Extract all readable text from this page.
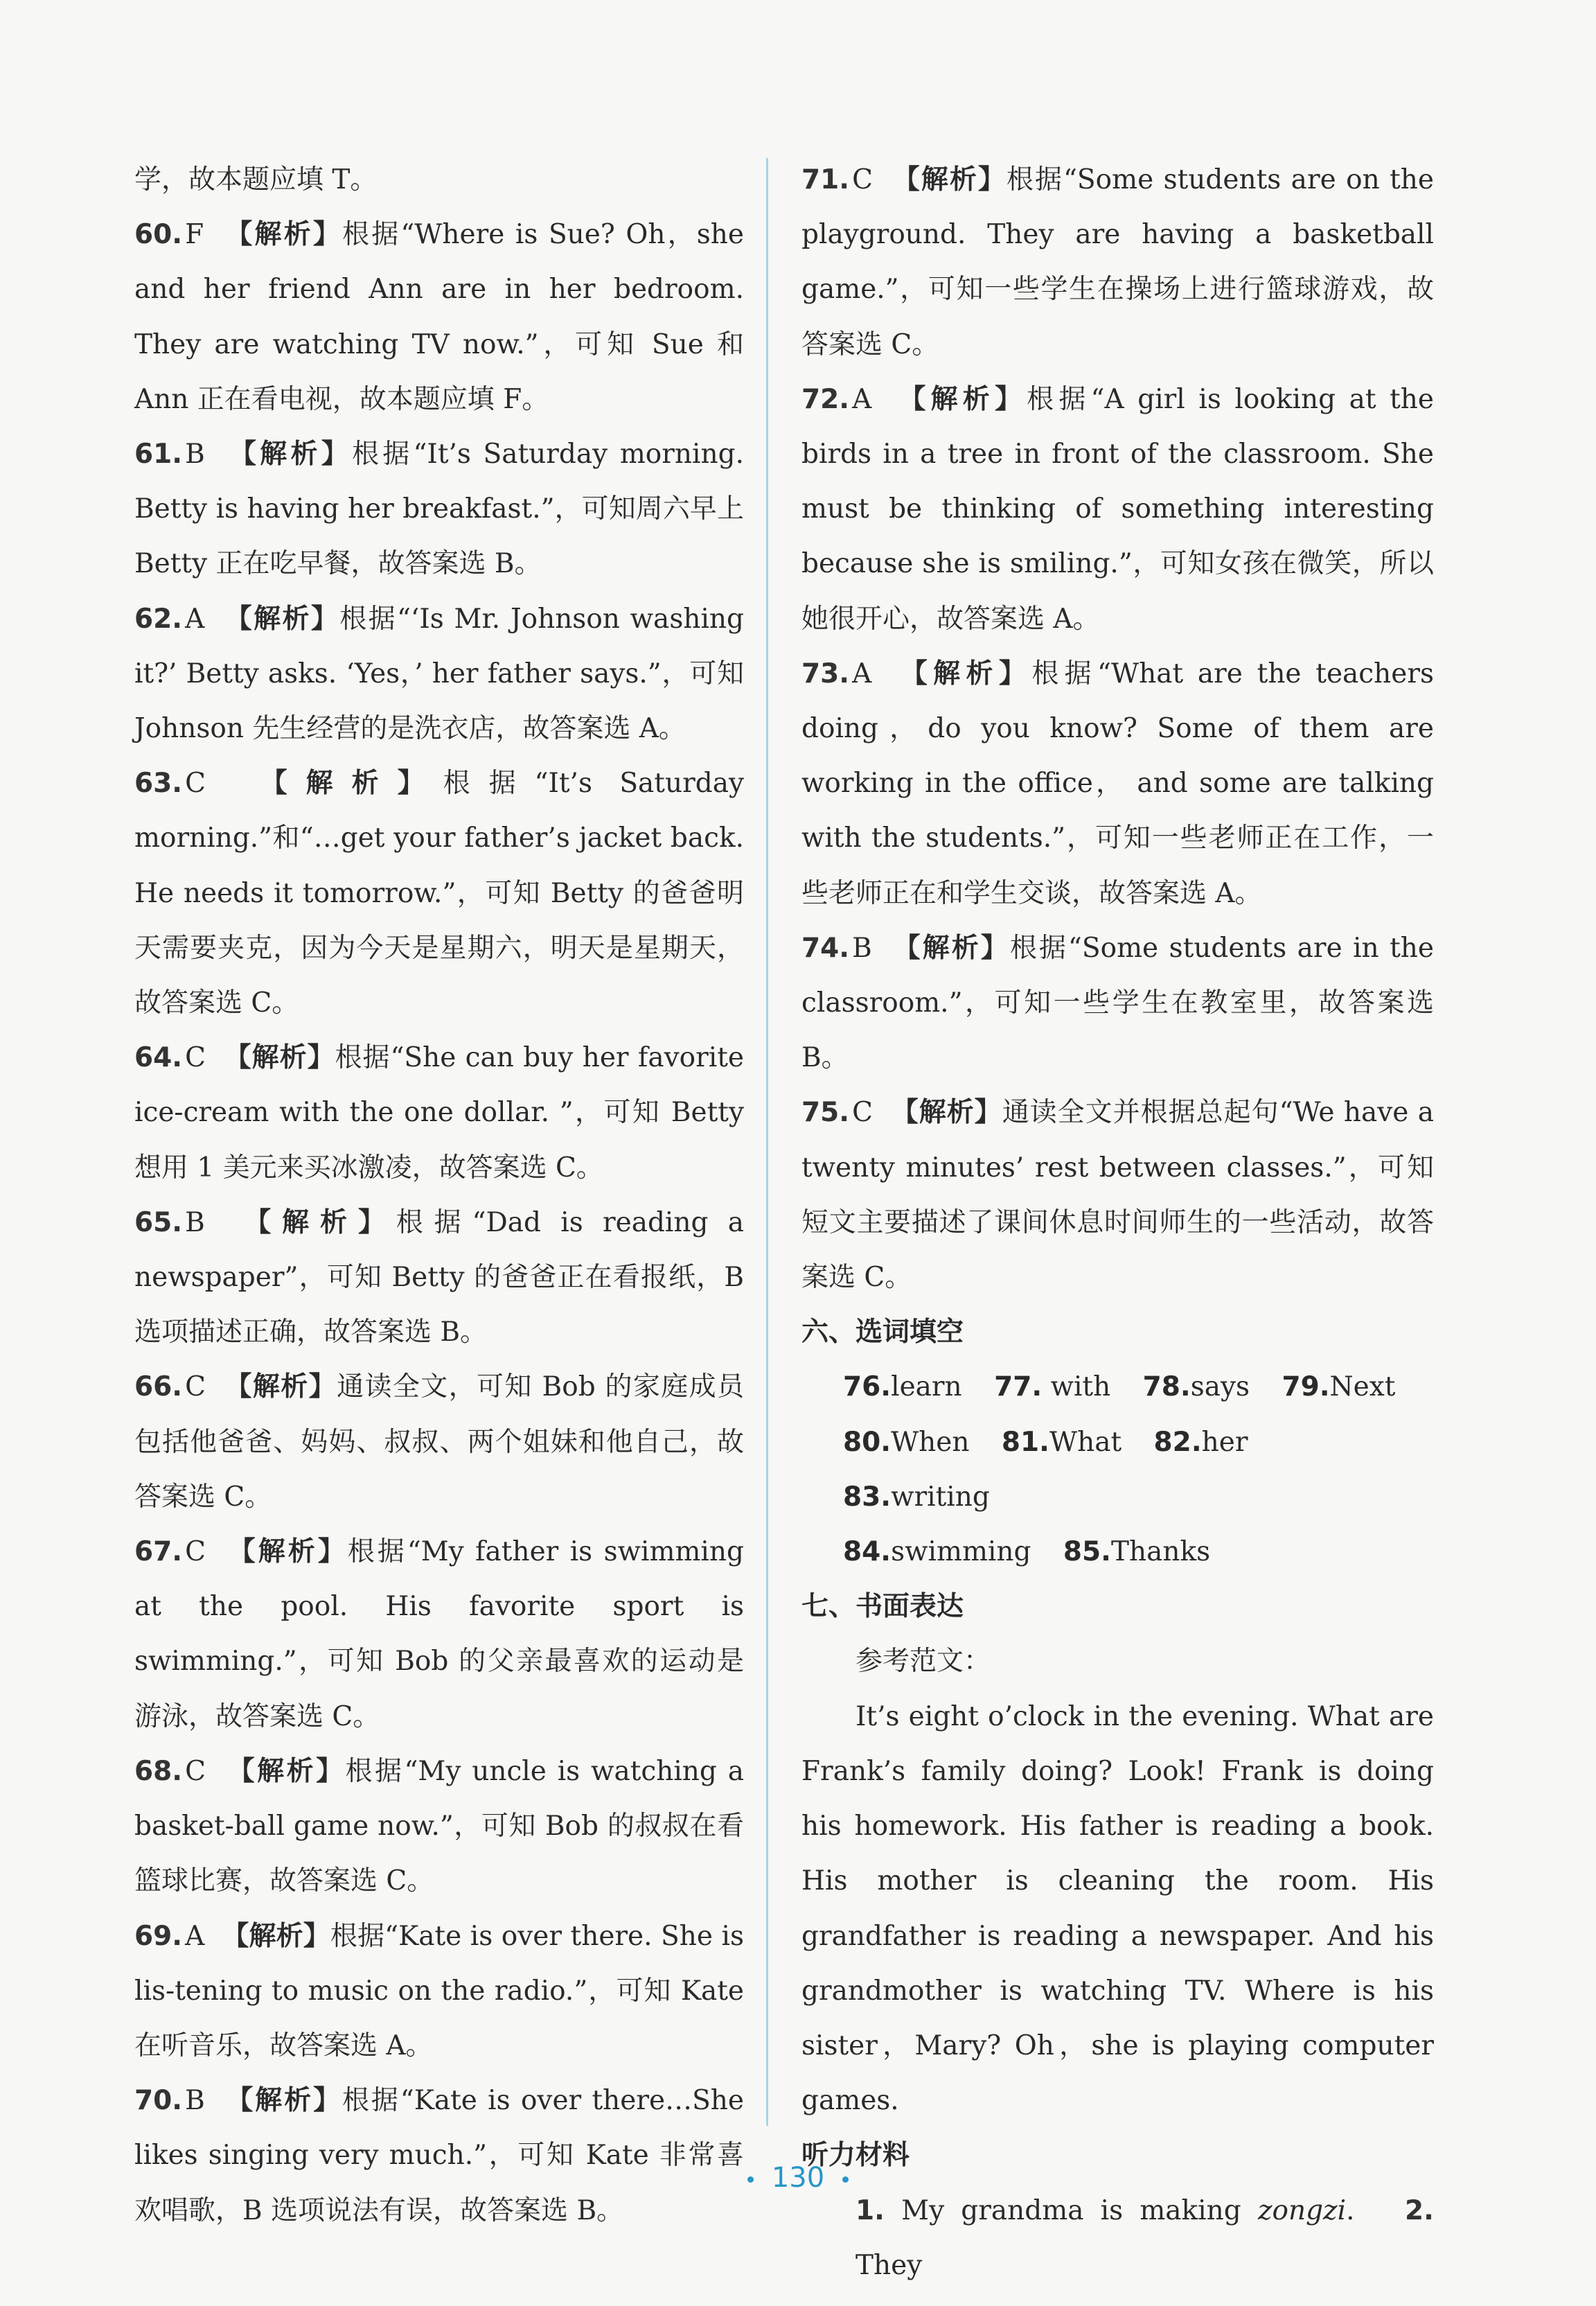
学，故本题应填 T。

60. F 【解析】根据“Where is Sue? Oh，she and her friend Ann are in her bedroom. They are watching TV now.”，可知 Sue 和 Ann 正在看电视，故本题应填 F。

61. B 【解析】根据“It’s Saturday morning. Betty is having her breakfast.”，可知周六早上 Betty 正在吃早餐，故答案选 B。

62. A 【解析】根据“‘Is Mr. Johnson washing it?’ Betty asks. ‘Yes，’ her father says.”，可知 Johnson 先生经营的是洗衣店，故答案选 A。

63. C 【解析】根据“It’s Saturday morning.”和“…get your father’s jacket back. He needs it tomorrow.”，可知 Betty 的爸爸明天需要夹克，因为今天是星期六，明天是星期天，故答案选 C。

64. C 【解析】根据“She can buy her favorite ice-cream with the one dollar. ”，可知 Betty 想用 1 美元来买冰激凌，故答案选 C。

65. B 【解析】根据“Dad is reading a newspaper”，可知 Betty 的爸爸正在看报纸，B 选项描述正确，故答案选 B。

66. C 【解析】通读全文，可知 Bob 的家庭成员包括他爸爸、妈妈、叔叔、两个姐妹和他自己，故答案选 C。

67. C 【解析】根据“My father is swimming at the pool. His favorite sport is swimming.”，可知 Bob 的父亲最喜欢的运动是游泳，故答案选 C。

68. C 【解析】根据“My uncle is watching a basket-ball game now.”，可知 Bob 的叔叔在看篮球比赛，故答案选 C。

69. A 【解析】根据“Kate is over there. She is lis-tening to music on the radio.”，可知 Kate 在听音乐，故答案选 A。

70. B 【解析】根据“Kate is over there…She likes singing very much.”，可知 Kate 非常喜欢唱歌，B 选项说法有误，故答案选 B。

71. C 【解析】根据“Some students are on the playground. They are having a basketball game.”，可知一些学生在操场上进行篮球游戏，故答案选 C。

72. A 【解析】根据“A girl is looking at the birds in a tree in front of the classroom. She must be thinking of something interesting because she is smiling.”，可知女孩在微笑，所以她很开心，故答案选 A。

73. A 【解析】根据“What are the teachers doing，do you know? Some of them are working in the office， and some are talking with the students.”，可知一些老师正在工作，一些老师正在和学生交谈，故答案选 A。

74. B 【解析】根据“Some students are in the classroom.”，可知一些学生在教室里，故答案选 B。

75. C 【解析】通读全文并根据总起句“We have a twenty minutes’ rest between classes.”，可知短文主要描述了课间休息时间师生的一些活动，故答案选 C。

六、选词填空

76.learn 77. with 78.says 79.Next

80.When 81.What 82.her 83.writing

84.swimming 85.Thanks

七、书面表达

参考范文：

It’s eight o’clock in the evening. What are Frank’s family doing? Look! Frank is doing his homework. His father is reading a book. His mother is cleaning the room. His grandfather is reading a newspaper. And his grandmother is watching TV. Where is his sister，Mary? Oh，she is playing computer games.

听力材料

1. My grandma is making zongzi. 2. They

130
